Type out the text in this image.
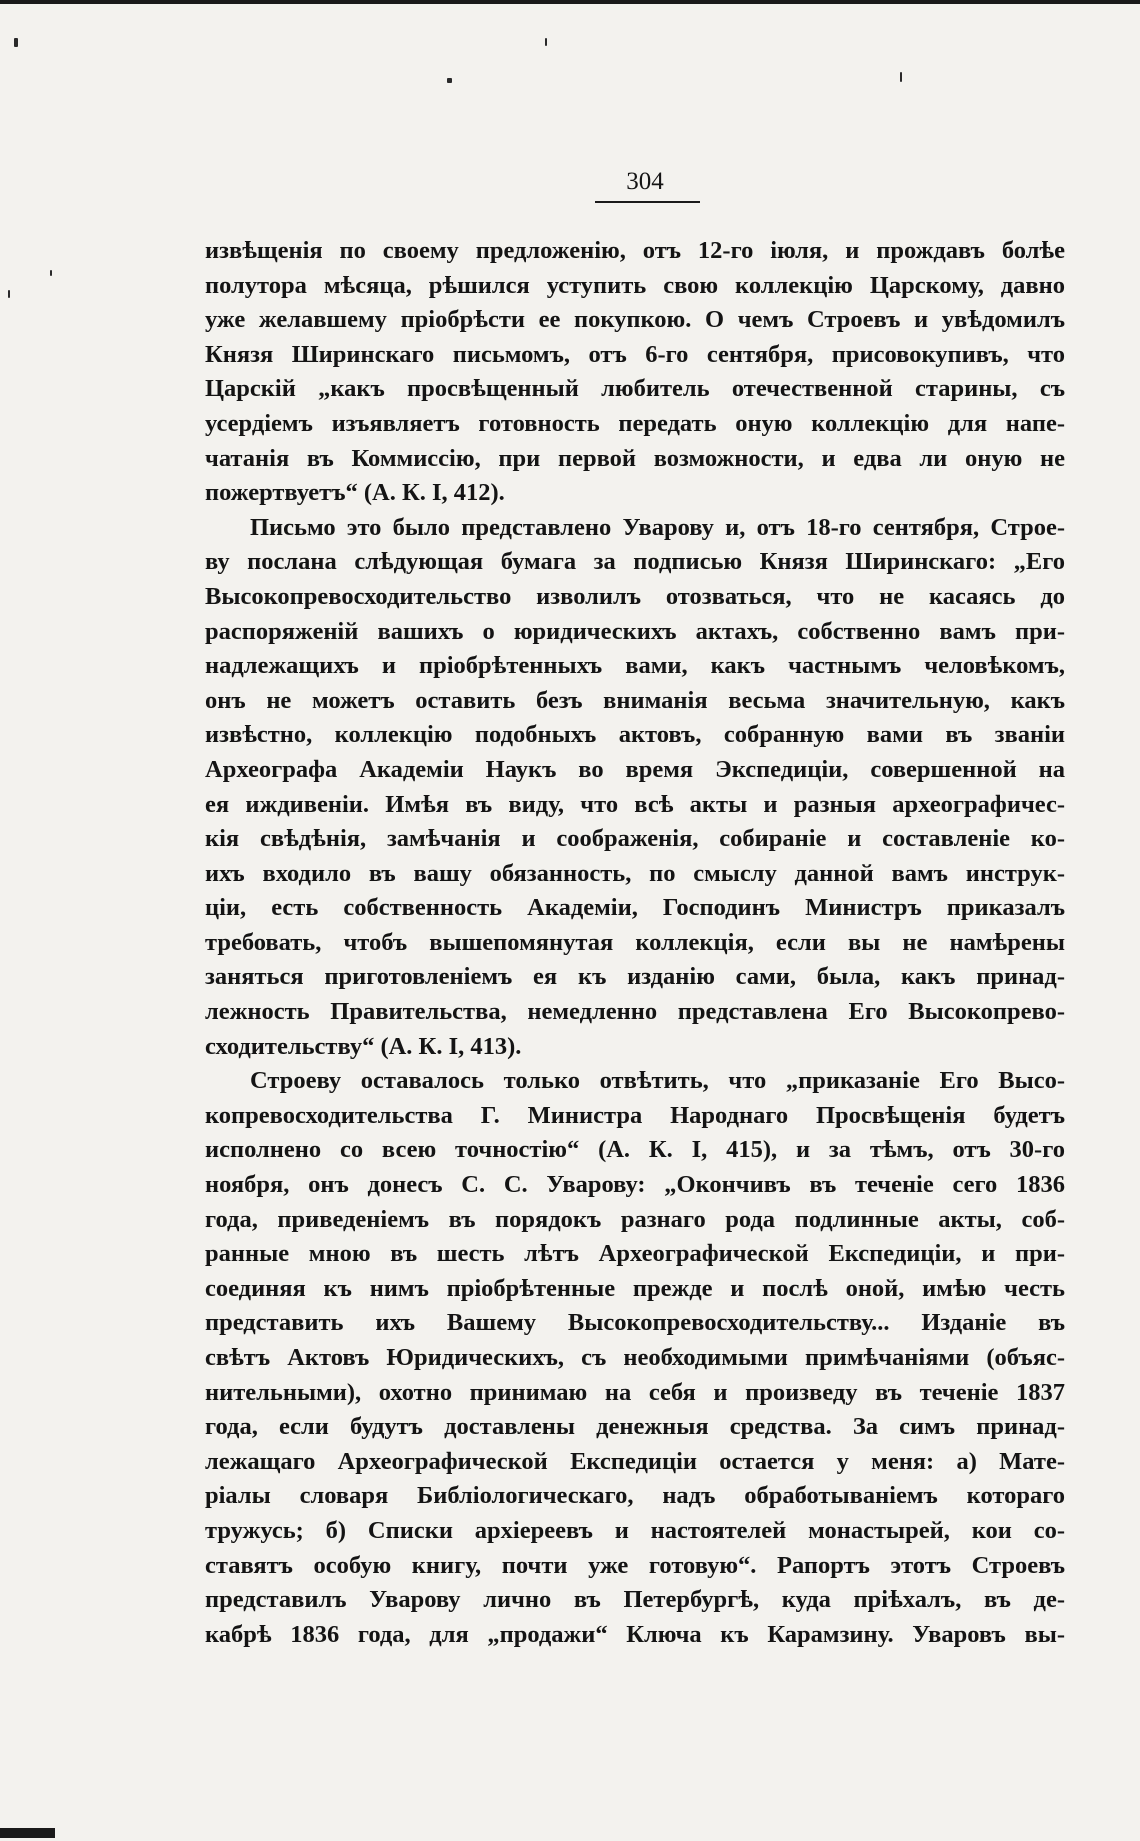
304
извѣщенія по своему предложенію, отъ 12-го іюля, и прождавъ болѣе
полутора мѣсяца, рѣшился уступить свою коллекцію Царскому, давно
уже желавшему пріобрѣсти ее покупкою. О чемъ Строевъ и увѣдомилъ
Князя Ширинскаго письмомъ, отъ 6-го сентября, присовокупивъ, что
Царскій „какъ просвѣщенный любитель отечественной старины, съ
усердіемъ изъявляетъ готовность передать оную коллекцію для напе-
чатанія въ Коммиссію, при первой возможности, и едва ли оную не
пожертвуетъ“ (А. К. I, 412).
Письмо это было представлено Уварову и, отъ 18-го сентября, Строе-
ву послана слѣдующая бумага за подписью Князя Ширинскаго: „Его
Высокопревосходительство изволилъ отозваться, что не касаясь до
распоряженій вашихъ о юридическихъ актахъ, собственно вамъ при-
надлежащихъ и пріобрѣтенныхъ вами, какъ частнымъ человѣкомъ,
онъ не можетъ оставить безъ вниманія весьма значительную, какъ
извѣстно, коллекцію подобныхъ актовъ, собранную вами въ званіи
Археографа Академіи Наукъ во время Экспедиціи, совершенной на
ея иждивеніи. Имѣя въ виду, что всѣ акты и разныя археографичес-
кія свѣдѣнія, замѣчанія и соображенія, собираніе и составленіе ко-
ихъ входило въ вашу обязанность, по смыслу данной вамъ инструк-
ціи, есть собственность Академіи, Господинъ Министръ приказалъ
требовать, чтобъ вышепомянутая коллекція, если вы не намѣрены
заняться приготовленіемъ ея къ изданію сами, была, какъ принад-
лежность Правительства, немедленно представлена Его Высокопрево-
сходительству“ (А. К. I, 413).
Строеву оставалось только отвѣтить, что „приказаніе Его Высо-
копревосходительства Г. Министра Народнаго Просвѣщенія будетъ
исполнено со всею точностію“ (А. К. I, 415), и за тѣмъ, отъ 30-го
ноября, онъ донесъ С. С. Уварову: „Окончивъ въ теченіе сего 1836
года, приведеніемъ въ порядокъ разнаго рода подлинные акты, соб-
ранные мною въ шесть лѣтъ Археографической Експедиціи, и при-
соединяя къ нимъ пріобрѣтенные прежде и послѣ оной, имѣю честь
представить ихъ Вашему Высокопревосходительству... Изданіе въ
свѣтъ Актовъ Юридическихъ, съ необходимыми примѣчаніями (объяс-
нительными), охотно принимаю на себя и произведу въ теченіе 1837
года, если будутъ доставлены денежныя средства. За симъ принад-
лежащаго Археографической Експедиціи остается у меня: а) Мате-
ріалы словаря Библіологическаго, надъ обработываніемъ котораго
тружусь; б) Списки архіереевъ и настоятелей монастырей, кои со-
ставятъ особую книгу, почти уже готовую“. Рапортъ этотъ Строевъ
представилъ Уварову лично въ Петербургѣ, куда пріѣхалъ, въ де-
кабрѣ 1836 года, для „продажи“ Ключа къ Карамзину. Уваровъ вы-
